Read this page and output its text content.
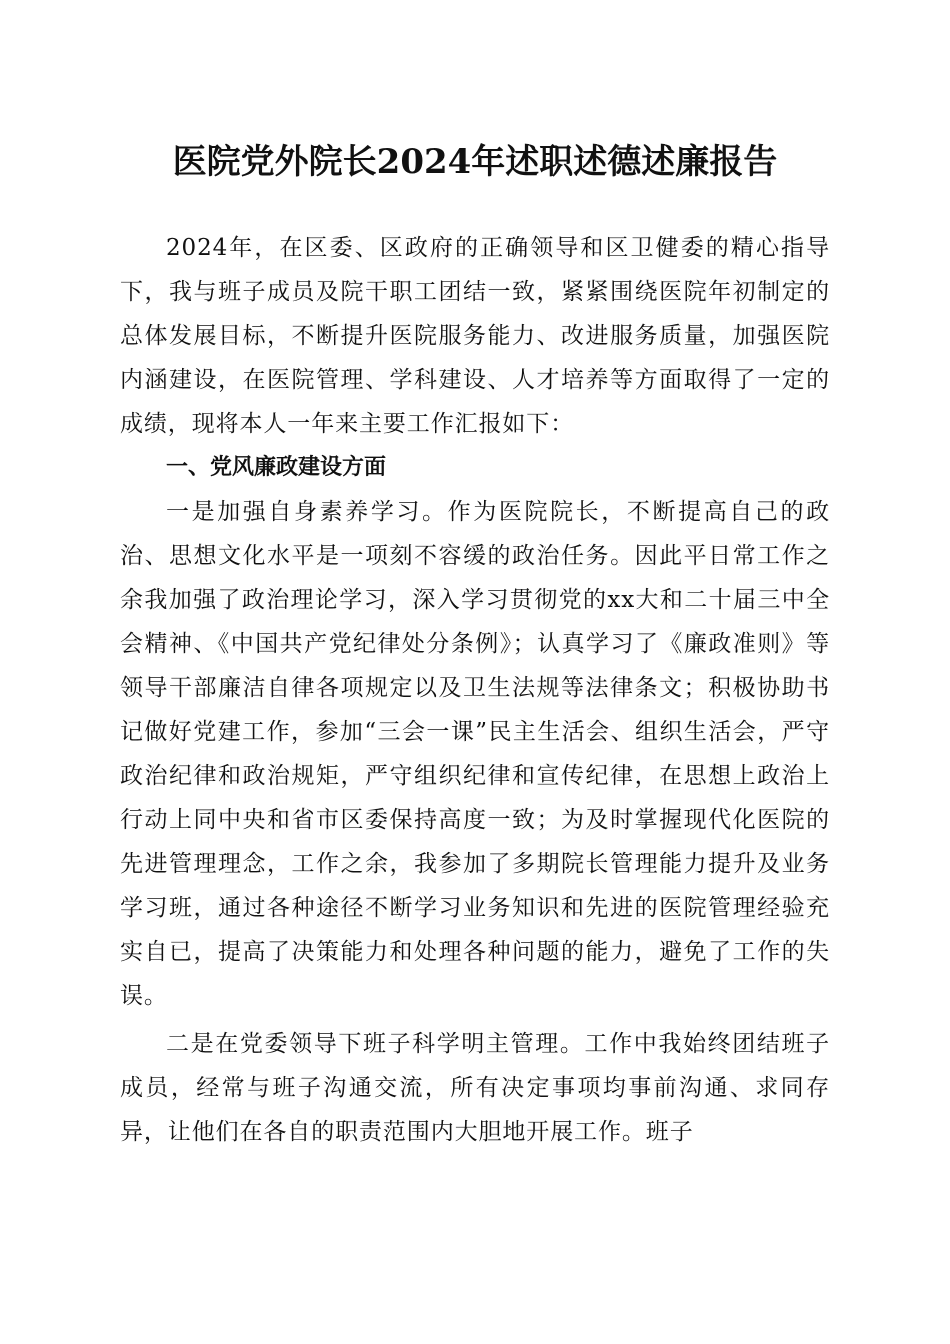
医院党外院长2024年述职述德述廉报告

2024年，在区委、区政府的正确领导和区卫健委的精心指导下，我与班子成员及院干职工团结一致，紧紧围绕医院年初制定的总体发展目标，不断提升医院服务能力、改进服务质量，加强医院内涵建设，在医院管理、学科建设、人才培养等方面取得了一定的成绩，现将本人一年来主要工作汇报如下：

一、党风廉政建设方面

一是加强自身素养学习。作为医院院长，不断提高自己的政治、思想文化水平是一项刻不容缓的政治任务。因此平日常工作之余我加强了政治理论学习，深入学习贯彻党的xx大和二十届三中全会精神、《中国共产党纪律处分条例》；认真学习了《廉政准则》等领导干部廉洁自律各项规定以及卫生法规等法律条文；积极协助书记做好党建工作，参加“三会一课”民主生活会、组织生活会，严守政治纪律和政治规矩，严守组织纪律和宣传纪律，在思想上政治上行动上同中央和省市区委保持高度一致；为及时掌握现代化医院的先进管理理念，工作之余，我参加了多期院长管理能力提升及业务学习班，通过各种途径不断学习业务知识和先进的医院管理经验充实自已，提高了决策能力和处理各种问题的能力，避免了工作的失误。

二是在党委领导下班子科学明主管理。工作中我始终团结班子成员，经常与班子沟通交流，所有决定事项均事前沟通、求同存异，让他们在各自的职责范围内大胆地开展工作。班子
